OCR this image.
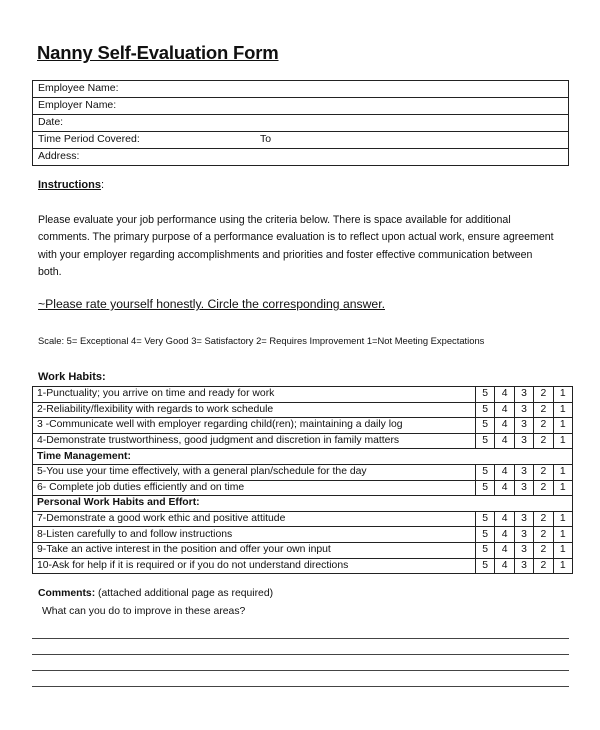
Nanny Self-Evaluation Form
Employee Name:
Employer Name:
Date:
Time Period Covered:	To
Address:
Instructions:
Please evaluate your job performance using the criteria below. There is space available for additional comments. The primary purpose of a performance evaluation is to reflect upon actual work, ensure agreement with your employer regarding accomplishments and priorities and foster effective communication between both.
~Please rate yourself honestly. Circle the corresponding answer.
Scale: 5= Exceptional 4= Very Good 3= Satisfactory 2= Requires Improvement 1=Not Meeting Expectations
Work Habits:
1-Punctuality; you arrive on time and ready for work	5	4	3	2	1
2-Reliability/flexibility with regards to work schedule	5	4	3	2	1
3 -Communicate well with employer regarding child(ren); maintaining a daily log	5	4	3	2	1
4-Demonstrate trustworthiness, good judgment and discretion in family matters	5	4	3	2	1
Time Management:					
5-You use your time effectively, with a general plan/schedule for the day	5	4	3	2	1
6- Complete job duties efficiently and on time	5	4	3	2	1
Personal Work Habits and Effort:					
7-Demonstrate a good work ethic and positive attitude	5	4	3	2	1
8-Listen carefully to and follow instructions	5	4	3	2	1
9-Take an active interest in the position and offer your own input	5	4	3	2	1
10-Ask for help if it is required or if you do not understand directions	5	4	3	2	1
Comments: (attached additional page as required)
What can you do to improve in these areas?
